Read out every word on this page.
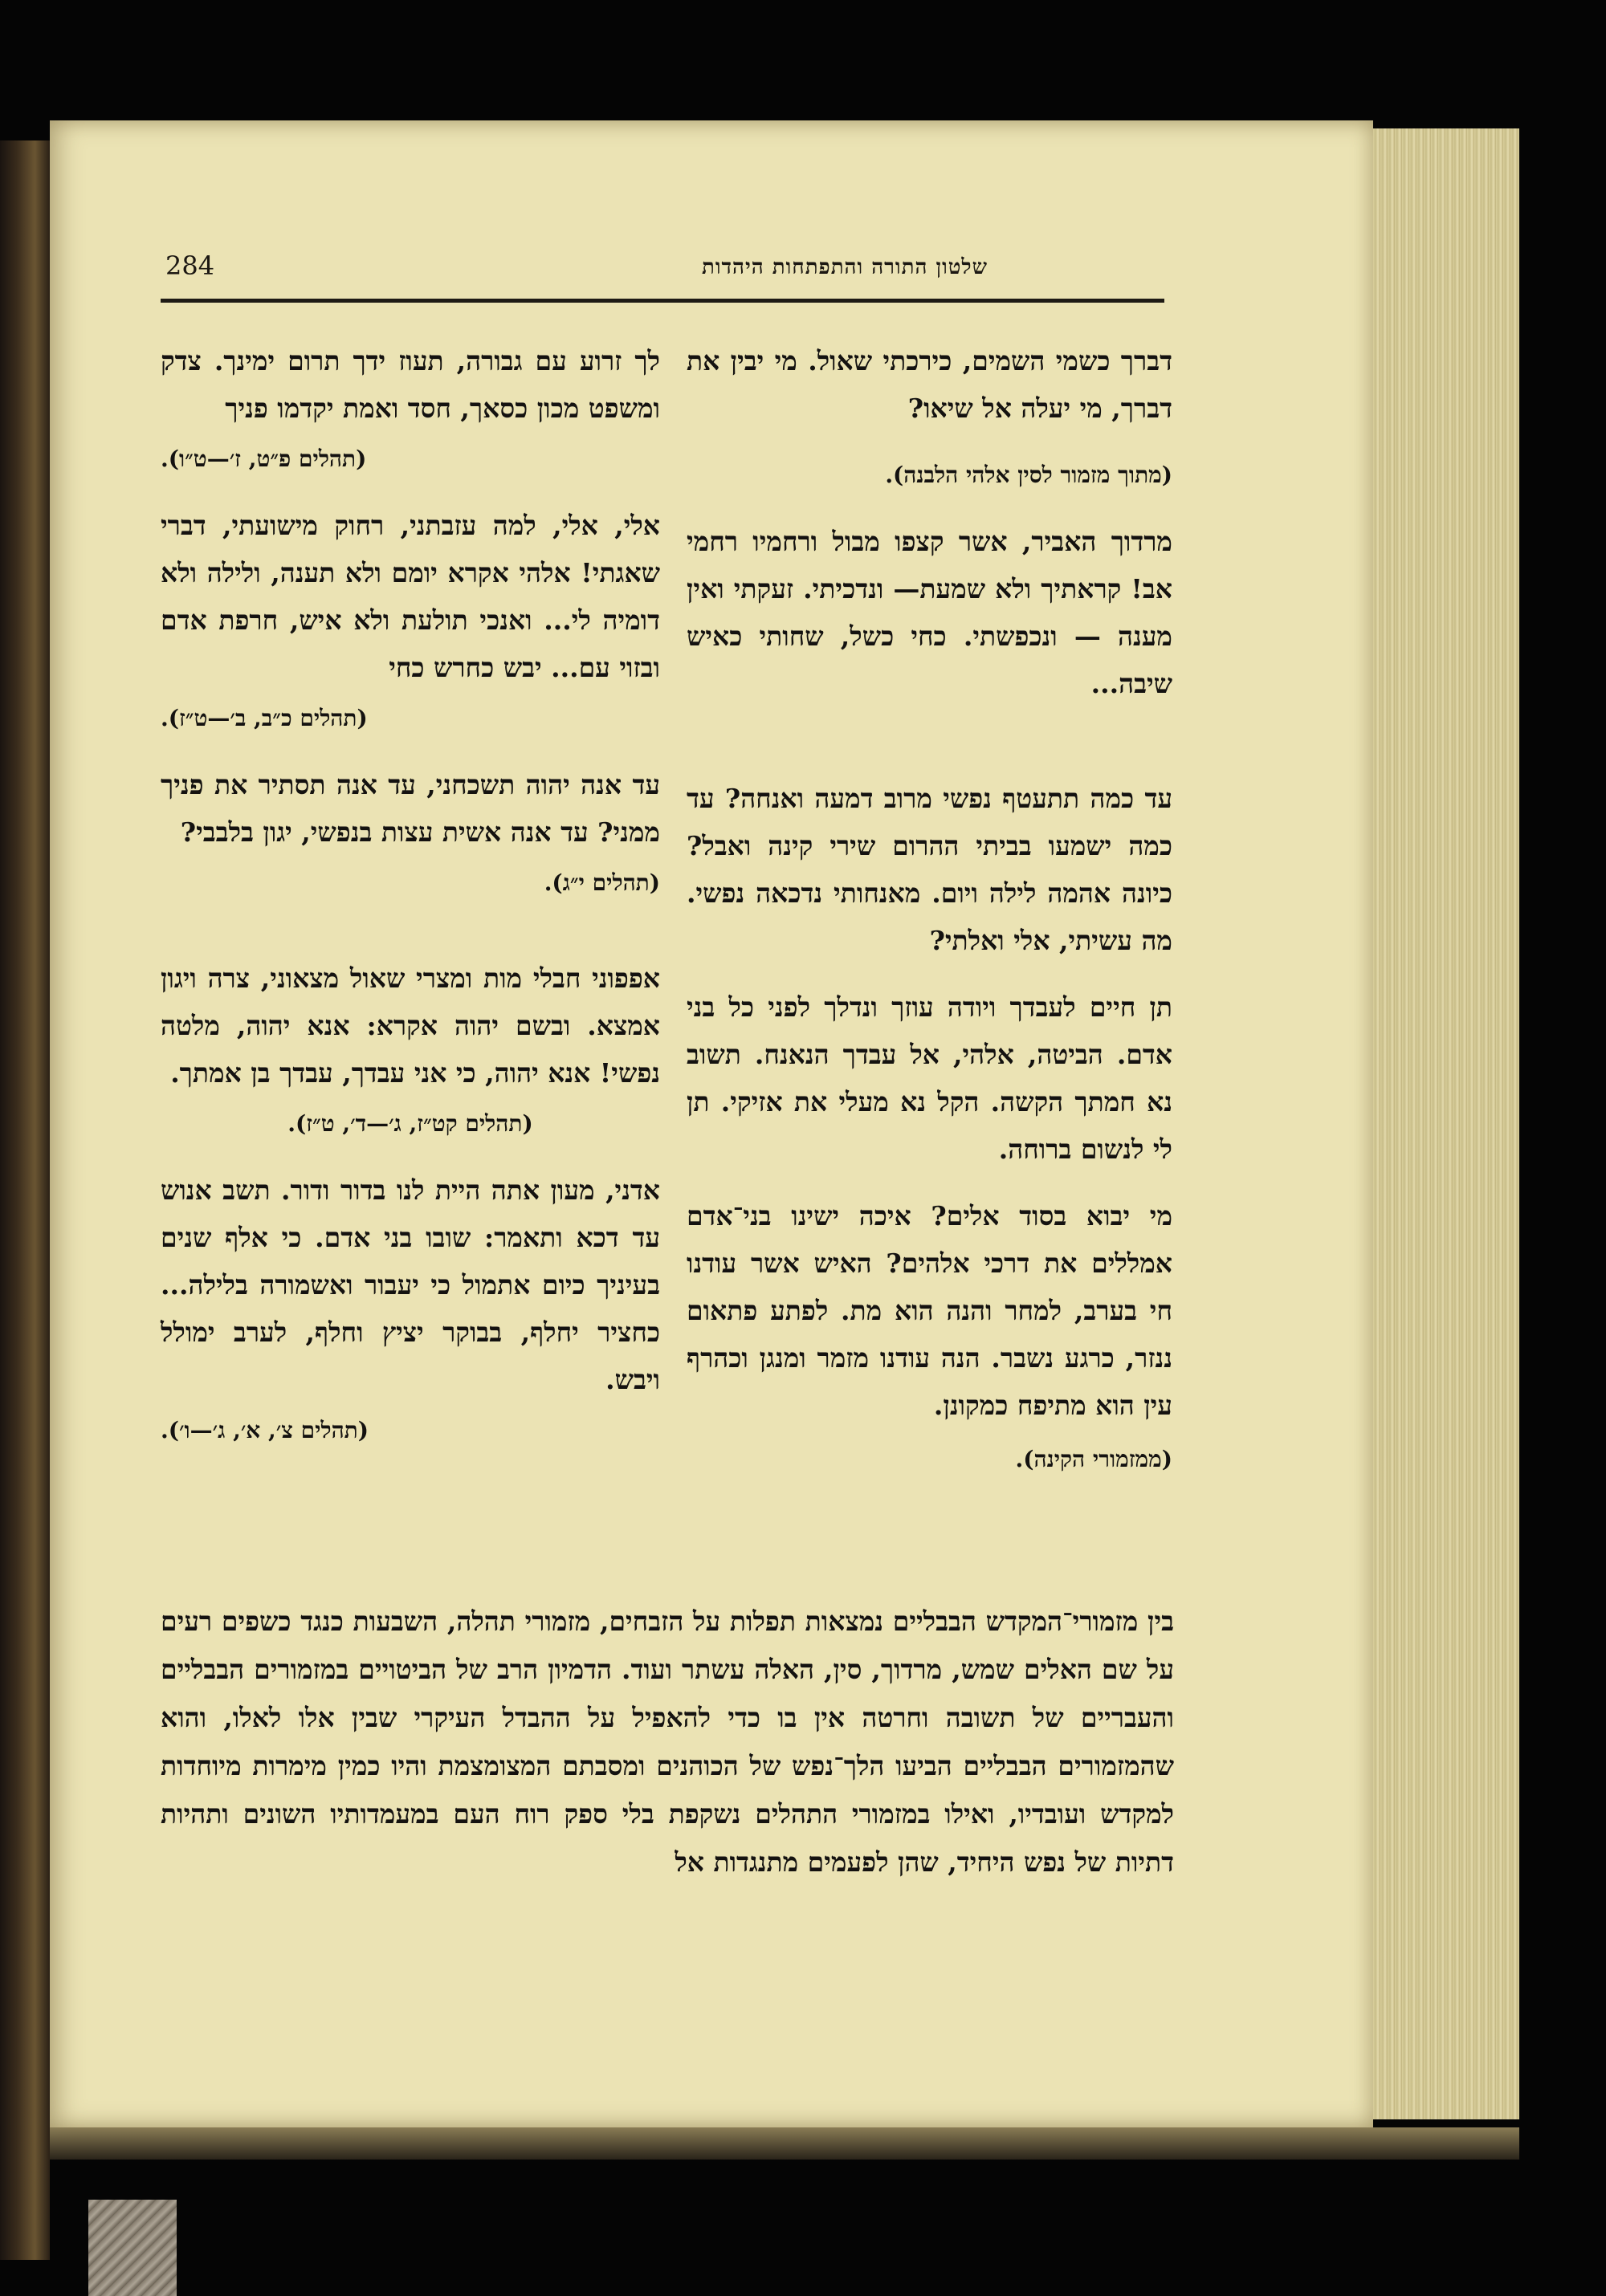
שלטון התורה והתפתחות היהדות
284

דברך כשמי השמים, כירכתי שאול. מי יבין את דברך, מי יעלה אל שיאו?

(מתוך מזמור לסין אלהי הלבנה).

מרדוך האביר, אשר קצפו מבול ורחמיו רחמי אב! קראתיך ולא שמעת— ונדכיתי. זעקתי ואין מענה — ונכפשתי. כחי כשל, שחותי כאיש שיבה...

עד כמה תתעטף נפשי מרוב דמעה ואנחה? עד כמה ישמעו בביתי ההרום שירי קינה ואבל? כיונה אהמה לילה ויום. מאנחותי נדכאה נפשי. מה עשיתי, אלי ואלתי?

תן חיים לעבדך ויודה עוזך ונדלך לפני כל בני אדם. הביטה, אלהי, אל עבדך הנאנח. תשוב נא חמתך הקשה. הקל נא מעלי את אזיקי. תן לי לנשום ברוחה.

מי יבוא בסוד אלים? איכה ישינו בני־אדם אמללים את דרכי אלהים? האיש אשר עודנו חי בערב, למחר והנה הוא מת. לפתע פתאום ננזר, כרגע נשבר. הנה עודנו מזמר ומנגן וכהרף עין הוא מתיפח כמקונן.

(ממזמורי הקינה).

לך זרוע עם גבורה, תעוז ידך תרום ימינך. צדק ומשפט מכון כסאך, חסד ואמת יקדמו פניך

(תהלים פ״ט, ז׳—ט״ו).

אלי, אלי, למה עזבתני, רחוק מישועתי, דברי שאגתי! אלהי אקרא יומם ולא תענה, ולילה ולא דומיה לי... ואנכי תולעת ולא איש, חרפת אדם ובזוי עם... יבש כחרש כחי

(תהלים כ״ב, ב׳—ט״ז).

עד אנה יהוה תשכחני, עד אנה תסתיר את פניך ממני? עד אנה אשית עצות בנפשי, יגון בלבבי?

(תהלים י״ג).

אפפוני חבלי מות ומצרי שאול מצאוני, צרה ויגון אמצא. ובשם יהוה אקרא: אנא יהוה, מלטה נפשי! אנא יהוה, כי אני עבדך, עבדך בן אמתך.

(תהלים קט״ז, ג׳—ד׳, ט״ז).

אדני, מעון אתה היית לנו בדור ודור. תשב אנוש עד דכא ותאמר: שובו בני אדם. כי אלף שנים בעיניך כיום אתמול כי יעבור ואשמורה בלילה... כחציר יחלף, בבוקר יציץ וחלף, לערב ימולל ויבש.

(תהלים צ׳, א׳, ג׳—ו׳).
בין מזמורי־המקדש הבבליים נמצאות תפלות על הזבחים, מזמורי תהלה, השבעות כנגד כשפים רעים על שם האלים שמש, מרדוך, סין, האלה עשתר ועוד. הדמיון הרב של הביטויים במזמורים הבבליים והעבריים של תשובה וחרטה אין בו כדי להאפיל על ההבדל העיקרי שבין אלו לאלו, והוא שהמזמורים הבבליים הביעו הלך־נפש של הכוהנים ומסבתם המצומצמת והיו כמין מימרות מיוחדות למקדש ועובדיו, ואילו במזמורי התהלים נשקפת בלי ספק רוח העם במעמדותיו השונים ותהיות דתיות של נפש היחיד, שהן לפעמים מתנגדות אל
